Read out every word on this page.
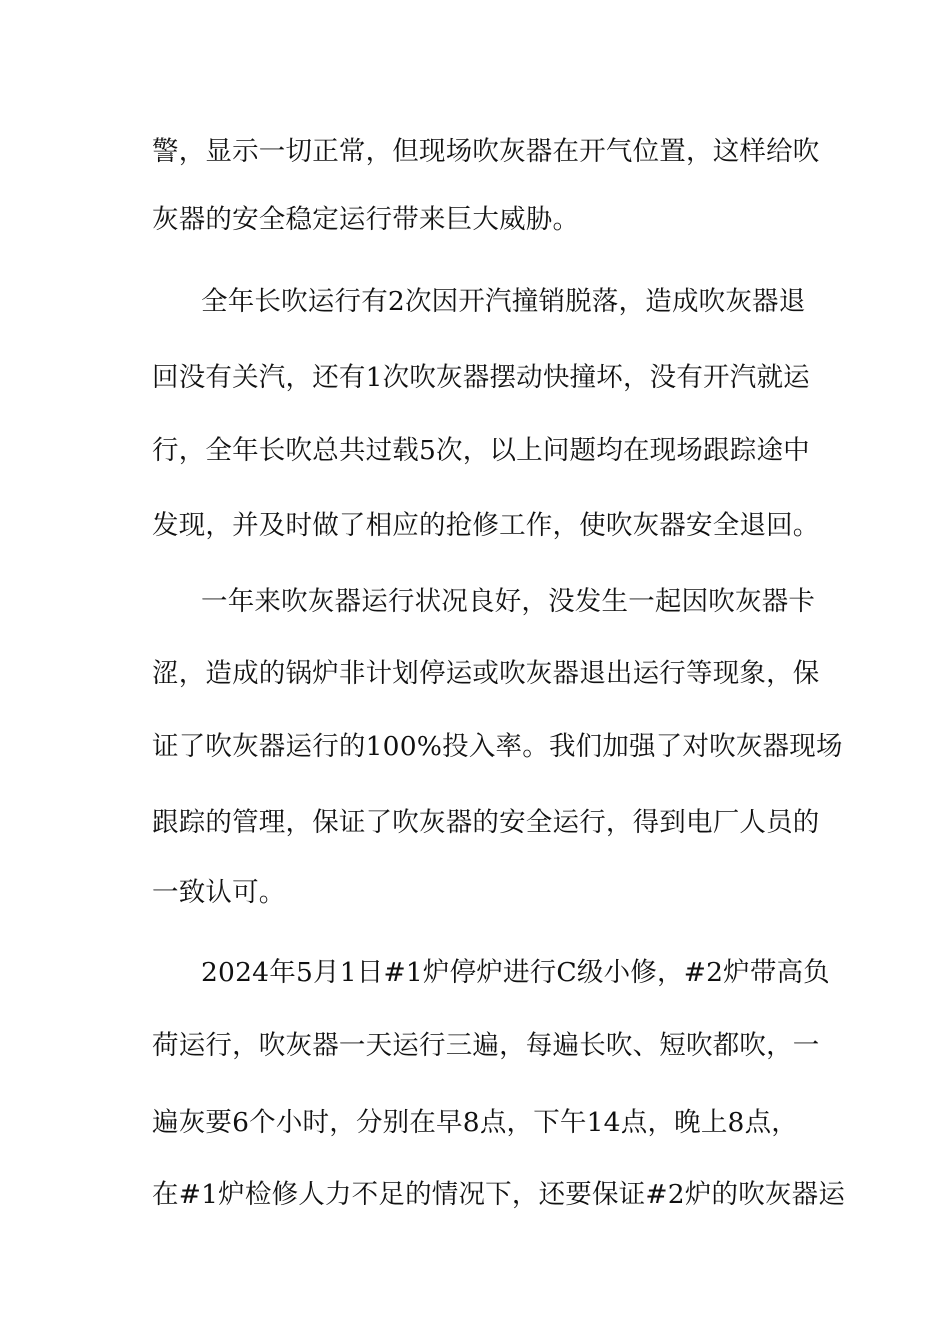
警，显示一切正常，但现场吹灰器在开气位置，这样给吹
灰器的安全稳定运行带来巨大威胁。
全年长吹运行有2次因开汽撞销脱落，造成吹灰器退
回没有关汽，还有1次吹灰器摆动快撞坏，没有开汽就运
行，全年长吹总共过载5次，以上问题均在现场跟踪途中
发现，并及时做了相应的抢修工作，使吹灰器安全退回。
一年来吹灰器运行状况良好，没发生一起因吹灰器卡
涩，造成的锅炉非计划停运或吹灰器退出运行等现象，保
证了吹灰器运行的100%投入率。我们加强了对吹灰器现场
跟踪的管理，保证了吹灰器的安全运行，得到电厂人员的
一致认可。
2024年5月1日#1炉停炉进行C级小修，#2炉带高负
荷运行，吹灰器一天运行三遍，每遍长吹、短吹都吹，一
遍灰要6个小时，分别在早8点，下午14点，晚上8点，
在#1炉检修人力不足的情况下，还要保证#2炉的吹灰器运
